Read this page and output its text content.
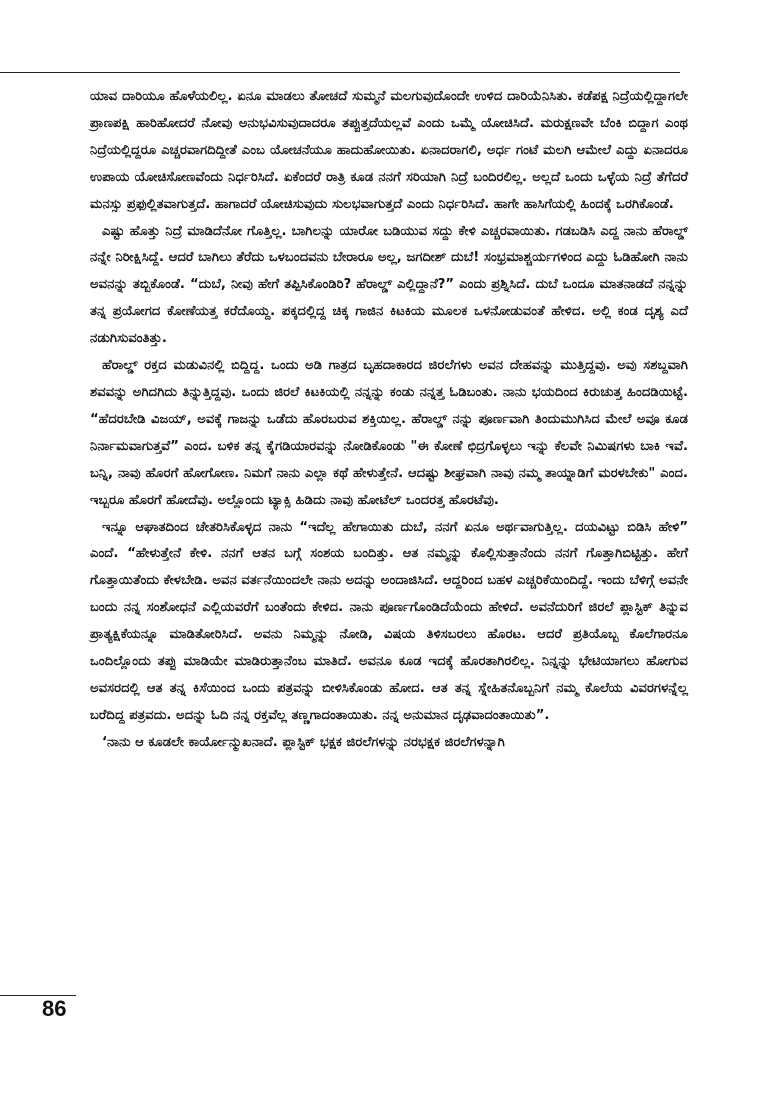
ಯಾವ ದಾರಿಯೂ ಹೊಳೆಯಲಿಲ್ಲ. ಏನೂ ಮಾಡಲು ತೋಚದೆ ಸುಮ್ಮನೆ ಮಲಗುವುದೊಂದೇ ಉಳಿದ ದಾರಿಯೆನಿಸಿತು. ಕಡೆಪಕ್ಷ ನಿದ್ರೆಯಲ್ಲಿದ್ದಾಗಲೇ ಪ್ರಾಣಪಕ್ಷಿ ಹಾರಿಹೋದರೆ ನೋವು ಅನುಭವಿಸುವುದಾದರೂ ತಪ್ಪುತ್ತದೆಯಲ್ಲವೆ ಎಂದು ಒಮ್ಮೆ ಯೋಚಿಸಿದೆ. ಮರುಕ್ಷಣವೇ ಬೆಂಕಿ ಬಿದ್ದಾಗ ಎಂಥ ನಿದ್ರೆಯಲ್ಲಿದ್ದರೂ ಎಚ್ಚರವಾಗದಿದ್ದೀತೆ ಎಂಬ ಯೋಚನೆಯೂ ಹಾದುಹೋಯಿತು. ಏನಾದರಾಗಲಿ, ಅರ್ಧ ಗಂಟೆ ಮಲಗಿ ಆಮೇಲೆ ಎದ್ದು ಏನಾದರೂ ಉಪಾಯ ಯೋಚಿಸೋಣವೆಂದು ನಿರ್ಧರಿಸಿದೆ. ಏಕೆಂದರೆ ರಾತ್ರಿ ಕೂಡ ನನಗೆ ಸರಿಯಾಗಿ ನಿದ್ರೆ ಬಂದಿರಲಿಲ್ಲ. ಅಲ್ಲದೆ ಒಂದು ಒಳ್ಳೆಯ ನಿದ್ರೆ ತೆಗೆದರೆ ಮನಸ್ಸು ಪ್ರಫುಲ್ಲಿತವಾಗುತ್ತದೆ. ಹಾಗಾದರೆ ಯೋಚಿಸುವುದು ಸುಲಭವಾಗುತ್ತದೆ ಎಂದು ನಿರ್ಧರಿಸಿದೆ. ಹಾಗೇ ಹಾಸಿಗೆಯಲ್ಲಿ ಹಿಂದಕ್ಕೆ ಒರಗಿಕೊಂಡೆ.

ಎಷ್ಟು ಹೊತ್ತು ನಿದ್ರೆ ಮಾಡಿದೆನೋ ಗೊತ್ತಿಲ್ಲ. ಬಾಗಿಲನ್ನು ಯಾರೋ ಬಡಿಯುವ ಸದ್ದು ಕೇಳಿ ಎಚ್ಚರವಾಯಿತು. ಗಡಬಡಿಸಿ ಎದ್ದ ನಾನು ಹೆರಾಲ್ಡ್ ನನ್ನೇ ನಿರೀಕ್ಷಿಸಿದ್ದೆ. ಆದರೆ ಬಾಗಿಲು ತೆರೆದು ಒಳಬಂದವನು ಬೇರಾರೂ ಅಲ್ಲ, ಜಗದೀಶ್ ದುಬೆ! ಸಂಭ್ರಮಾಶ್ಚರ್ಯಗಳಿಂದ ಎದ್ದು ಓಡಿಹೋಗಿ ನಾನು ಅವನನ್ನು ತಬ್ಬಿಕೊಂಡೆ. “ದುಬೆ, ನೀವು ಹೇಗೆ ತಪ್ಪಿಸಿಕೊಂಡಿರಿ? ಹೆರಾಲ್ಡ್ ಎಲ್ಲಿದ್ದಾನೆ?” ಎಂದು ಪ್ರಶ್ನಿಸಿದೆ. ದುಬೆ ಒಂದೂ ಮಾತನಾಡದೆ ನನ್ನನ್ನು ತನ್ನ ಪ್ರಯೋಗದ ಕೋಣೆಯತ್ತ ಕರೆದೊಯ್ದ. ಪಕ್ಕದಲ್ಲಿದ್ದ ಚಿಕ್ಕ ಗಾಜಿನ ಕಿಟಕಿಯ ಮೂಲಕ ಒಳನೋಡುವಂತೆ ಹೇಳಿದ. ಅಲ್ಲಿ ಕಂಡ ದೃಶ್ಯ ಎದೆ ನಡುಗಿಸುವಂತಿತ್ತು.

ಹೆರಾಲ್ಡ್ ರಕ್ತದ ಮಡುವಿನಲ್ಲಿ ಬಿದ್ದಿದ್ದ. ಒಂದು ಅಡಿ ಗಾತ್ರದ ಬೃಹದಾಕಾರದ ಜಿರಲೆಗಳು ಅವನ ದೇಹವನ್ನು ಮುತ್ತಿದ್ದವು. ಅವು ಸಶಬ್ದವಾಗಿ ಶವವನ್ನು ಅಗಿದಗಿದು ತಿನ್ನುತ್ತಿದ್ದವು. ಒಂದು ಜಿರಲೆ ಕಿಟಕಿಯಲ್ಲಿ ನನ್ನನ್ನು ಕಂಡು ನನ್ನತ್ತ ಓಡಿಬಂತು. ನಾನು ಭಯದಿಂದ ಕಿರುಚುತ್ತ ಹಿಂದಡಿಯಿಟ್ಟೆ. “ಹೆದರಬೇಡಿ ವಿಜಯ್, ಅವಕ್ಕೆ ಗಾಜನ್ನು ಒಡೆದು ಹೊರಬರುವ ಶಕ್ತಿಯಿಲ್ಲ. ಹೆರಾಲ್ಡ್ ನನ್ನು ಪೂರ್ಣವಾಗಿ ತಿಂದುಮುಗಿಸಿದ ಮೇಲೆ ಅವೂ ಕೂಡ ನಿರ್ನಾಮವಾಗುತ್ತವೆ” ಎಂದ. ಬಳಿಕ ತನ್ನ ಕೈಗಡಿಯಾರವನ್ನು ನೋಡಿಕೊಂಡು "ಈ ಕೋಣೆ ಛಿದ್ರಗೊಳ್ಳಲು ಇನ್ನು ಕೆಲವೇ ನಿಮಿಷಗಳು ಬಾಕಿ ಇವೆ. ಬನ್ನಿ, ನಾವು ಹೊರಗೆ ಹೋಗೋಣ. ನಿಮಗೆ ನಾನು ಎಲ್ಲಾ ಕಥೆ ಹೇಳುತ್ತೇನೆ. ಆದಷ್ಟು ಶೀಘ್ರವಾಗಿ ನಾವು ನಮ್ಮ ತಾಯ್ನಾಡಿಗೆ ಮರಳಬೇಕು" ಎಂದ. ಇಬ್ಬರೂ ಹೊರಗೆ ಹೋದೆವು. ಅಲ್ಲೊಂದು ಟ್ಯಾಕ್ಸಿ ಹಿಡಿದು ನಾವು ಹೋಟೆಲ್ ಒಂದರತ್ತ ಹೊರಟೆವು.

ಇನ್ನೂ ಆಘಾತದಿಂದ ಚೇತರಿಸಿಕೊಳ್ಳದ ನಾನು “ಇದೆಲ್ಲ ಹೇಗಾಯಿತು ದುಬೆ, ನನಗೆ ಏನೂ ಅರ್ಥವಾಗುತ್ತಿಲ್ಲ. ದಯವಿಟ್ಟು ಬಿಡಿಸಿ ಹೇಳಿ” ಎಂದೆ. “ಹೇಳುತ್ತೇನೆ ಕೇಳಿ. ನನಗೆ ಆತನ ಬಗ್ಗೆ ಸಂಶಯ ಬಂದಿತ್ತು. ಆತ ನಮ್ಮನ್ನು ಕೊಲ್ಲಿಸುತ್ತಾನೆಂದು ನನಗೆ ಗೊತ್ತಾಗಿಬಿಟ್ಟಿತ್ತು. ಹೇಗೆ ಗೊತ್ತಾಯಿತೆಂದು ಕೇಳಬೇಡಿ. ಅವನ ವರ್ತನೆಯಿಂದಲೇ ನಾನು ಅದನ್ನು ಅಂದಾಜಿಸಿದೆ. ಆದ್ದರಿಂದ ಬಹಳ ಎಚ್ಚರಿಕೆಯಿಂದಿದ್ದೆ. ಇಂದು ಬೆಳಿಗ್ಗೆ ಅವನೇ ಬಂದು ನನ್ನ ಸಂಶೋಧನೆ ಎಲ್ಲಿಯವರೆಗೆ ಬಂತೆಂದು ಕೇಳಿದ. ನಾನು ಪೂರ್ಣಗೊಂಡಿದೆಯೆಂದು ಹೇಳಿದೆ. ಅವನೆದುರಿಗೆ ಜಿರಲೆ ಪ್ಲಾಸ್ಟಿಕ್ ತಿನ್ನುವ ಪ್ರಾತ್ಯಕ್ಷಿಕೆಯನ್ನೂ ಮಾಡಿತೋರಿಸಿದೆ. ಅವನು ನಿಮ್ಮನ್ನು ನೋಡಿ, ವಿಷಯ ತಿಳಿಸಬರಲು ಹೊರಟ. ಆದರೆ ಪ್ರತಿಯೊಬ್ಬ ಕೊಲೆಗಾರನೂ ಒಂದಿಲ್ಲೊಂದು ತಪ್ಪು ಮಾಡಿಯೇ ಮಾಡಿರುತ್ತಾನೆಂಬ ಮಾತಿದೆ. ಅವನೂ ಕೂಡ ಇದಕ್ಕೆ ಹೊರತಾಗಿರಲಿಲ್ಲ. ನಿನ್ನನ್ನು ಭೇಟಿಯಾಗಲು ಹೋಗುವ ಅವಸರದಲ್ಲಿ ಆತ ತನ್ನ ಕಿಸೆಯಿಂದ ಒಂದು ಪತ್ರವನ್ನು ಬೀಳಿಸಿಕೊಂಡು ಹೋದ. ಆತ ತನ್ನ ಸ್ನೇಹಿತನೊಬ್ಬನಿಗೆ ನಮ್ಮ ಕೊಲೆಯ ವಿವರಗಳನ್ನೆಲ್ಲ ಬರೆದಿದ್ದ ಪತ್ರವದು. ಅದನ್ನು ಓದಿ ನನ್ನ ರಕ್ತವೆಲ್ಲ ತಣ್ಣಗಾದಂತಾಯಿತು. ನನ್ನ ಅನುಮಾನ ದೃಢವಾದಂತಾಯಿತು”.

‘ನಾನು ಆ ಕೂಡಲೇ ಕಾರ್ಯೋನ್ಮುಖನಾದೆ. ಪ್ಲಾಸ್ಟಿಕ್ ಭಕ್ಷಕ ಜಿರಲೆಗಳನ್ನು ನರಭಕ್ಷಕ ಜಿರಲೆಗಳನ್ನಾಗಿ

86
